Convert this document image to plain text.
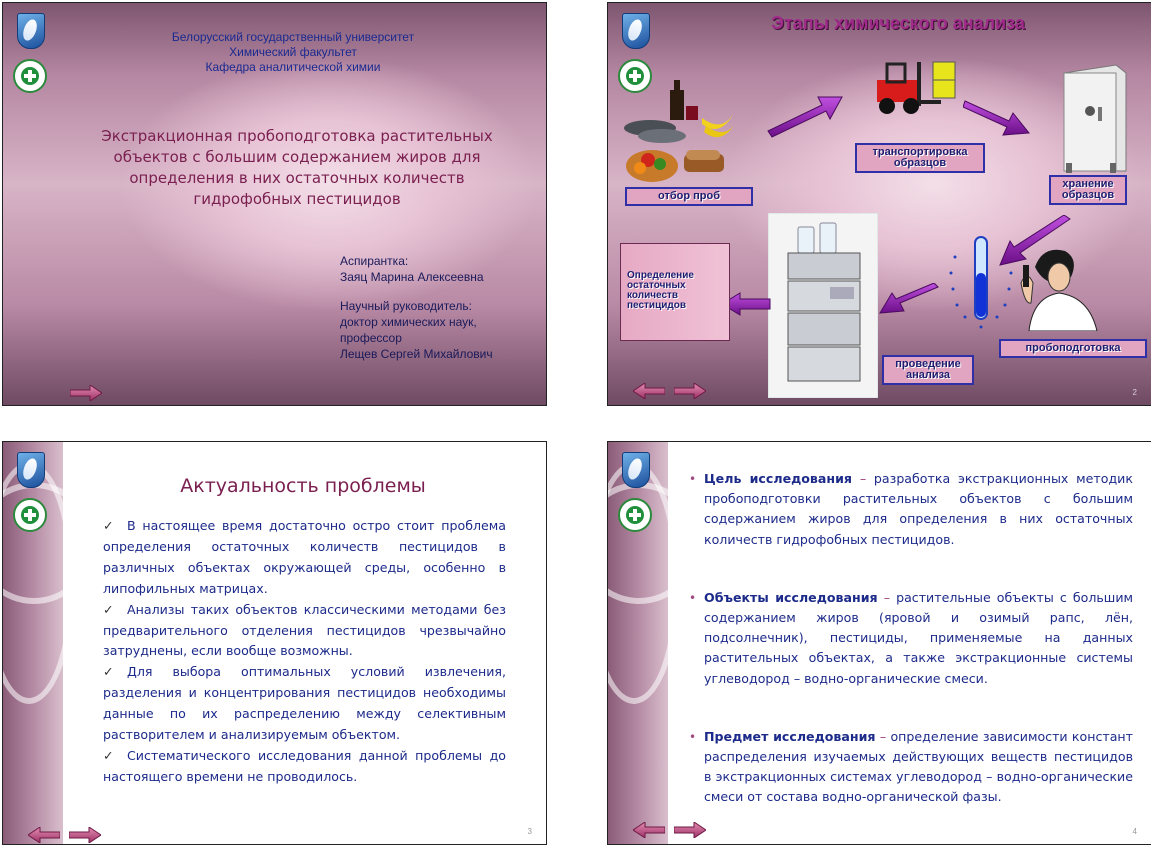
Белорусский государственный университет
Химический факультет
Кафедра аналитической химии
Экстракционная пробоподготовка растительных
объектов с большим содержанием жиров для
определения в них остаточных количеств
гидрофобных пестицидов
Аспирантка:
Заяц Марина Алексеевна
Научный руководитель:
доктор химических наук,
профессор
Лещев Сергей Михайлович
Этапы химического анализа
отбор проб
транспортировка образцов
хранение образцов
пробоподготовка
проведение анализа
Определение остаточных количеств пестицидов
2
Актуальность проблемы

✓ В настоящее время достаточно остро стоит проблема определения остаточных количеств пестицидов в различных объектах окружающей среды, особенно в липофильных матрицах.

✓ Анализы таких объектов классическими методами без предварительного отделения пестицидов чрезвычайно затруднены, если вообще возможны.

✓ Для выбора оптимальных условий извлечения, разделения и концентрирования пестицидов необходимы данные по их распределению между селективным растворителем и анализируемым объектом.

✓ Систематического исследования данной проблемы до настоящего времени не проводилось.

3
• Цель исследования – разработка экстракционных методик пробоподготовки растительных объектов с большим содержанием жиров для определения в них остаточных количеств гидрофобных пестицидов.
• Объекты исследования – растительные объекты с большим содержанием жиров (яровой и озимый рапс, лён, подсолнечник), пестициды, применяемые на данных растительных объектах, а также экстракционные системы углеводород – водно-органические смеси.
• Предмет исследования – определение зависимости констант распределения изучаемых действующих веществ пестицидов в экстракционных системах углеводород – водно-органические смеси от состава водно-органической фазы.
4
